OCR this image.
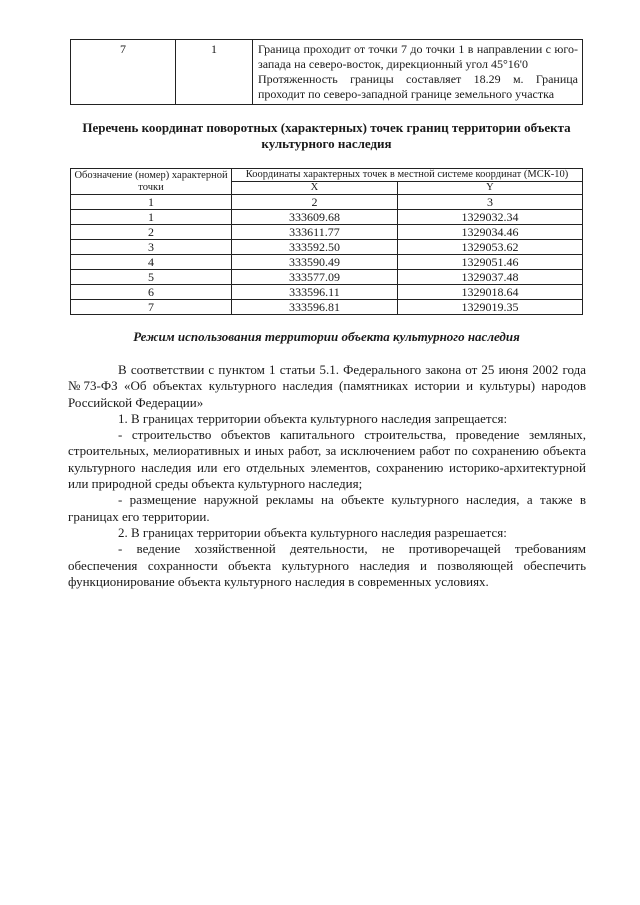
7	1	Граница проходит от точки 7 до точки 1 в направлении с юго-запада на северо-восток, дирекционный угол 45°16'0

Протяженность границы составляет 18.29 м. Граница проходит по северо-западной границе земельного участка

Перечень координат поворотных (характерных) точек границ территории объекта культурного наследия
Обозначение (номер) характерной точки	Координаты характерных точек в местной системе координат (МСК-10)	
	X	Y
1	2	3
1	333609.68	1329032.34
2	333611.77	1329034.46
3	333592.50	1329053.62
4	333590.49	1329051.46
5	333577.09	1329037.48
6	333596.11	1329018.64
7	333596.81	1329019.35
Режим использования территории объекта культурного наследия

В соответствии с пунктом 1 статьи 5.1. Федерального закона от 25 июня 2002 года №73-ФЗ «Об объектах культурного наследия (памятниках истории и культуры) народов Российской Федерации»

1. В границах территории объекта культурного наследия запрещается:

- строительство объектов капитального строительства, проведение земляных, строительных, мелиоративных и иных работ, за исключением работ по сохранению объекта культурного наследия или его отдельных элементов, сохранению историко-архитектурной или природной среды объекта культурного наследия;

- размещение наружной рекламы на объекте культурного наследия, а также в границах его территории.

2. В границах территории объекта культурного наследия разрешается:

- ведение хозяйственной деятельности, не противоречащей требованиям обеспечения сохранности объекта культурного наследия и позволяющей обеспечить функционирование объекта культурного наследия в современных условиях.
